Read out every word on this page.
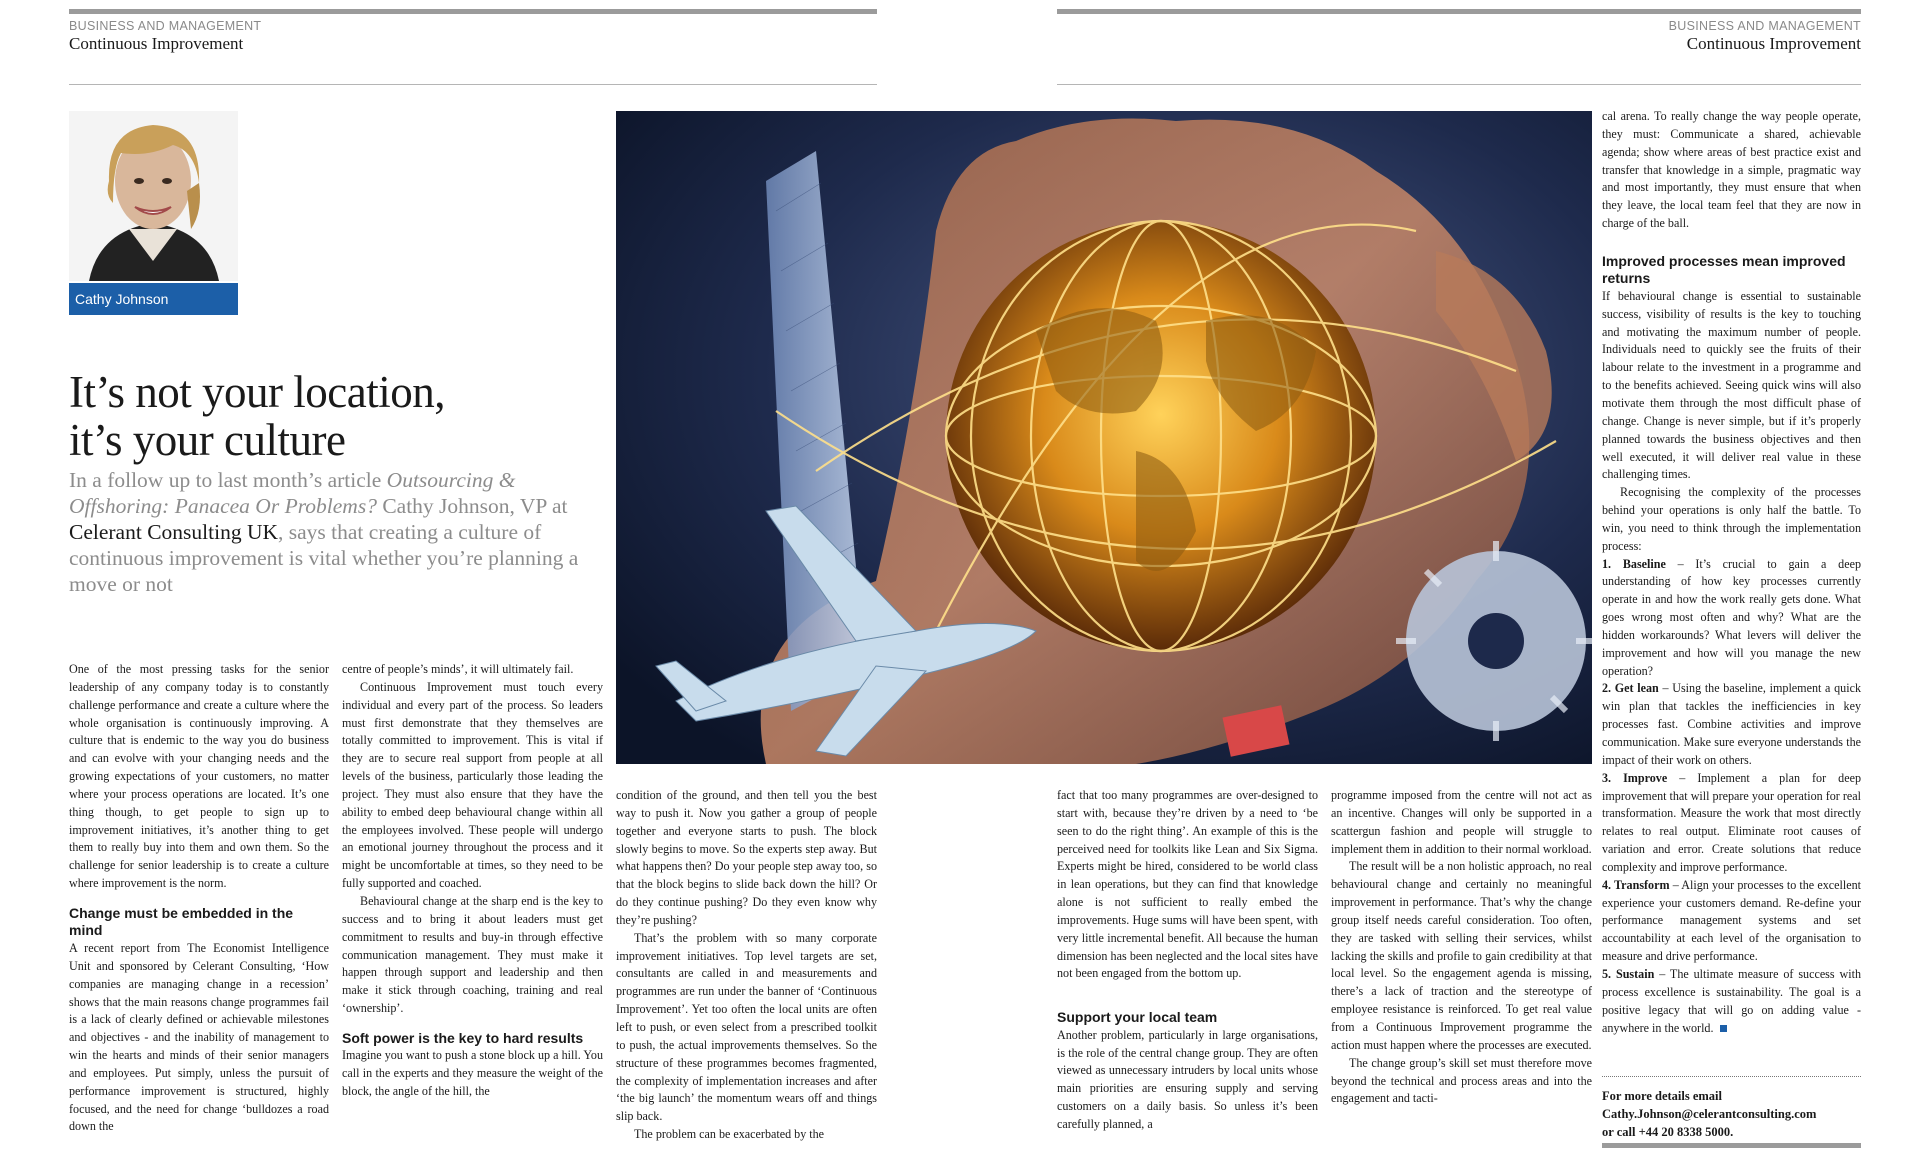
BUSINESS AND MANAGEMENT
Continuous Improvement
BUSINESS AND MANAGEMENT
Continuous Improvement
Cathy Johnson
It’s not your location,
it’s your culture
In a follow up to last month’s article Outsourcing & Offshoring: Panacea Or Problems? Cathy Johnson, VP at Celerant Consulting UK, says that creating a culture of continuous improvement is vital whether you’re planning a move or not

One of the most pressing tasks for the senior leadership of any company today is to constantly challenge performance and create a culture where the whole organisation is continuously improving. A culture that is endemic to the way you do business and can evolve with your changing needs and the growing expectations of your customers, no matter where your process operations are located. It’s one thing though, to get people to sign up to improvement initiatives, it’s another thing to get them to really buy into them and own them. So the challenge for senior leadership is to create a culture where improvement is the norm.

Change must be embedded in the mind

A recent report from The Economist Intelligence Unit and sponsored by Celerant Consulting, ‘How companies are managing change in a recession’ shows that the main reasons change programmes fail is a lack of clearly defined or achievable milestones and objectives - and the inability of management to win the hearts and minds of their senior managers and employees. Put simply, unless the pursuit of performance improvement is structured, highly focused, and the need for change ‘bulldozes a road down the

centre of people’s minds’, it will ultimately fail.

Continuous Improvement must touch every individual and every part of the process. So leaders must first demonstrate that they themselves are totally committed to improvement. This is vital if they are to secure real support from people at all levels of the business, particularly those leading the project. They must also ensure that they have the ability to embed deep behavioural change within all the employees involved. These people will undergo an emotional journey throughout the process and it might be uncomfortable at times, so they need to be fully supported and coached.

Behavioural change at the sharp end is the key to success and to bring it about leaders must get commitment to results and buy-in through effective communication management. They must make it happen through support and leadership and then make it stick through coaching, training and real ‘ownership’.

Soft power is the key to hard results

Imagine you want to push a stone block up a hill. You call in the experts and they measure the weight of the block, the angle of the hill, the

condition of the ground, and then tell you the best way to push it. Now you gather a group of people together and everyone starts to push. The block slowly begins to move. So the experts step away. But what happens then? Do your people step away too, so that the block begins to slide back down the hill? Or do they continue pushing? Do they even know why they’re pushing?

That’s the problem with so many corporate improvement initiatives. Top level targets are set, consultants are called in and measurements and programmes are run under the banner of ‘Continuous Improvement’. Yet too often the local units are often left to push, or even select from a prescribed toolkit to push, the actual improvements themselves. So the structure of these programmes becomes fragmented, the complexity of implementation increases and after ‘the big launch’ the momentum wears off and things slip back.

The problem can be exacerbated by the

fact that too many programmes are over-designed to start with, because they’re driven by a need to ‘be seen to do the right thing’. An example of this is the perceived need for toolkits like Lean and Six Sigma. Experts might be hired, considered to be world class in lean operations, but they can find that knowledge alone is not sufficient to really embed the improvements. Huge sums will have been spent, with very little incremental benefit. All because the human dimension has been neglected and the local sites have not been engaged from the bottom up.

Support your local team

Another problem, particularly in large organisations, is the role of the central change group. They are often viewed as unnecessary intruders by local units whose main priorities are ensuring supply and serving customers on a daily basis. So unless it’s been carefully planned, a

programme imposed from the centre will not act as an incentive. Changes will only be supported in a scattergun fashion and people will struggle to implement them in addition to their normal workload.

The result will be a non holistic approach, no real behavioural change and certainly no meaningful improvement in performance. That’s why the change group itself needs careful consideration. Too often, they are tasked with selling their services, whilst lacking the skills and profile to gain credibility at that local level. So the engagement agenda is missing, there’s a lack of traction and the stereotype of employee resistance is reinforced. To get real value from a Continuous Improvement programme the action must happen where the processes are executed.

The change group’s skill set must therefore move beyond the technical and process areas and into the engagement and tacti-

cal arena. To really change the way people operate, they must: Communicate a shared, achievable agenda; show where areas of best practice exist and transfer that knowledge in a simple, pragmatic way and most importantly, they must ensure that when they leave, the local team feel that they are now in charge of the ball.

Improved processes mean improved returns

If behavioural change is essential to sustainable success, visibility of results is the key to touching and motivating the maximum number of people. Individuals need to quickly see the fruits of their labour relate to the investment in a programme and to the benefits achieved. Seeing quick wins will also motivate them through the most difficult phase of change. Change is never simple, but if it’s properly planned towards the business objectives and then well executed, it will deliver real value in these challenging times.

Recognising the complexity of the processes behind your operations is only half the battle. To win, you need to think through the implementation process:

1. Baseline – It’s crucial to gain a deep understanding of how key processes currently operate in and how the work really gets done. What goes wrong most often and why? What are the hidden workarounds? What levers will deliver the improvement and how will you manage the new operation?

2. Get lean – Using the baseline, implement a quick win plan that tackles the inefficiencies in key processes fast. Combine activities and improve communication. Make sure everyone understands the impact of their work on others.

3. Improve – Implement a plan for deep improvement that will prepare your operation for real transformation. Measure the work that most directly relates to real output. Eliminate root causes of variation and error. Create solutions that reduce complexity and improve performance.

4. Transform – Align your processes to the excellent experience your customers demand. Re-define your performance management systems and set accountability at each level of the organisation to measure and drive performance.

5. Sustain – The ultimate measure of success with process excellence is sustainability. The goal is a positive legacy that will go on adding value - anywhere in the world.

For more details email
Cathy.Johnson@celerantconsulting.com
or call +44 20 8338 5000.
